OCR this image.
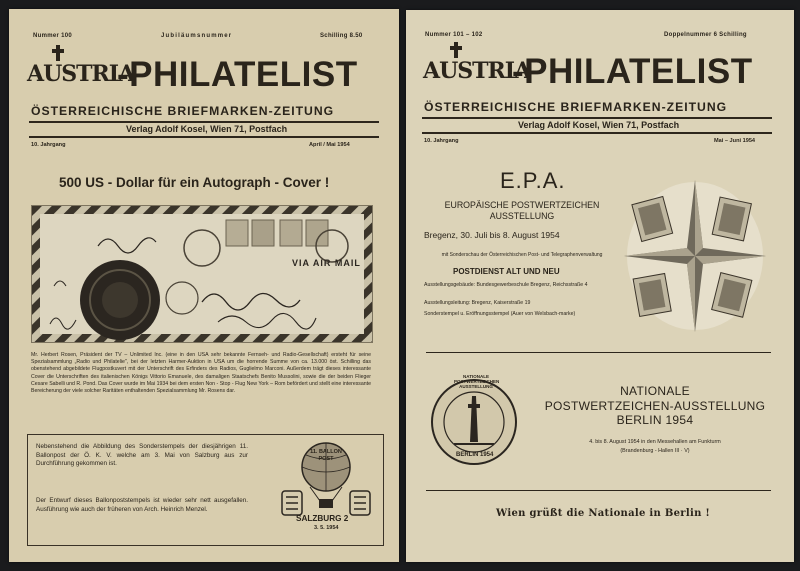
Nummer 100	Jubiläumsnummer	Schilling 8.50
AUSTRIA
-PHILATELIST
ÖSTERREICHISCHE BRIEFMARKEN-ZEITUNG
Verlag Adolf Kosel, Wien 71, Postfach
10. Jahrgang	April / Mai 1954
500 US - Dollar für ein Autograph - Cover !
VIA AIR MAIL
Mr. Herbert Rosen, Präsident der TV – Unlimited Inc. (eine in den USA sehr bekannte Fernseh- und Radio-Gesellschaft) ersteht für seine Spezialsammlung „Radio und Philatelie", bei der letzten Harmer-Auktion in USA um die horrende Summe von ca. 13.000 öst. Schilling das obenstehend abgebildete Flugpostkuvert mit der Unterschrift des Erfinders des Radios, Guglielmo Marconi. Außerdem trägt dieses interessante Cover die Unterschriften des italienischen Königs Vittorio Emanuele, des damaligen Staatschefs Benito Mussolini, sowie die der beiden Flieger Cesare Sabelli und R. Pond. Das Cover wurde im Mai 1934 bei dem ersten Non - Stop - Flug New York – Rom befördert und stellt eine interessante Bereicherung der viele solcher Raritäten enthaltenden Spezialsammlung Mr. Rosens dar.
Nebenstehend die Abbildung des Sonderstempels der diesjährigen 11. Ballonpost der Ö. K. V. welche am 3. Mai von Salzburg aus zur Durchführung gekommen ist.
Der Entwurf dieses Ballonpoststempels ist wieder sehr nett ausgefallen. Ausführung wie auch der früheren von Arch. Heinrich Menzel.
11. BALLON POST
SALZBURG 2
3. 5. 1954
Nummer 101 – 102	Doppelnummer 6 Schilling
AUSTRIA
-PHILATELIST
ÖSTERREICHISCHE BRIEFMARKEN-ZEITUNG
Verlag Adolf Kosel, Wien 71, Postfach
10. Jahrgang	Mai – Juni 1954
E.P.A.
EUROPÄISCHE POSTWERTZEICHEN
AUSSTELLUNG
Bregenz, 30. Juli bis 8. August 1954
mit Sonderschau der Österreichischen Post- und Telegraphenverwaltung
POSTDIENST ALT UND NEU
Ausstellungsgebäude: Bundesgewerbeschule Bregenz, Reichsstraße 4
Ausstellungsleitung: Bregenz, Kaiserstraße 19
Sonderstempel u. Eröffnungsstempel (Auer von Welsbach-marke)
NATIONALE POSTWERTZEICHEN AUSSTELLUNG
BERLIN 1954
NATIONALE
POSTWERTZEICHEN-AUSSTELLUNG
BERLIN 1954
4. bis 8. August 1954 in den Messehallen am Funkturm
(Brandenburg - Hallen III · V)
Wien grüßt die Nationale in Berlin !
